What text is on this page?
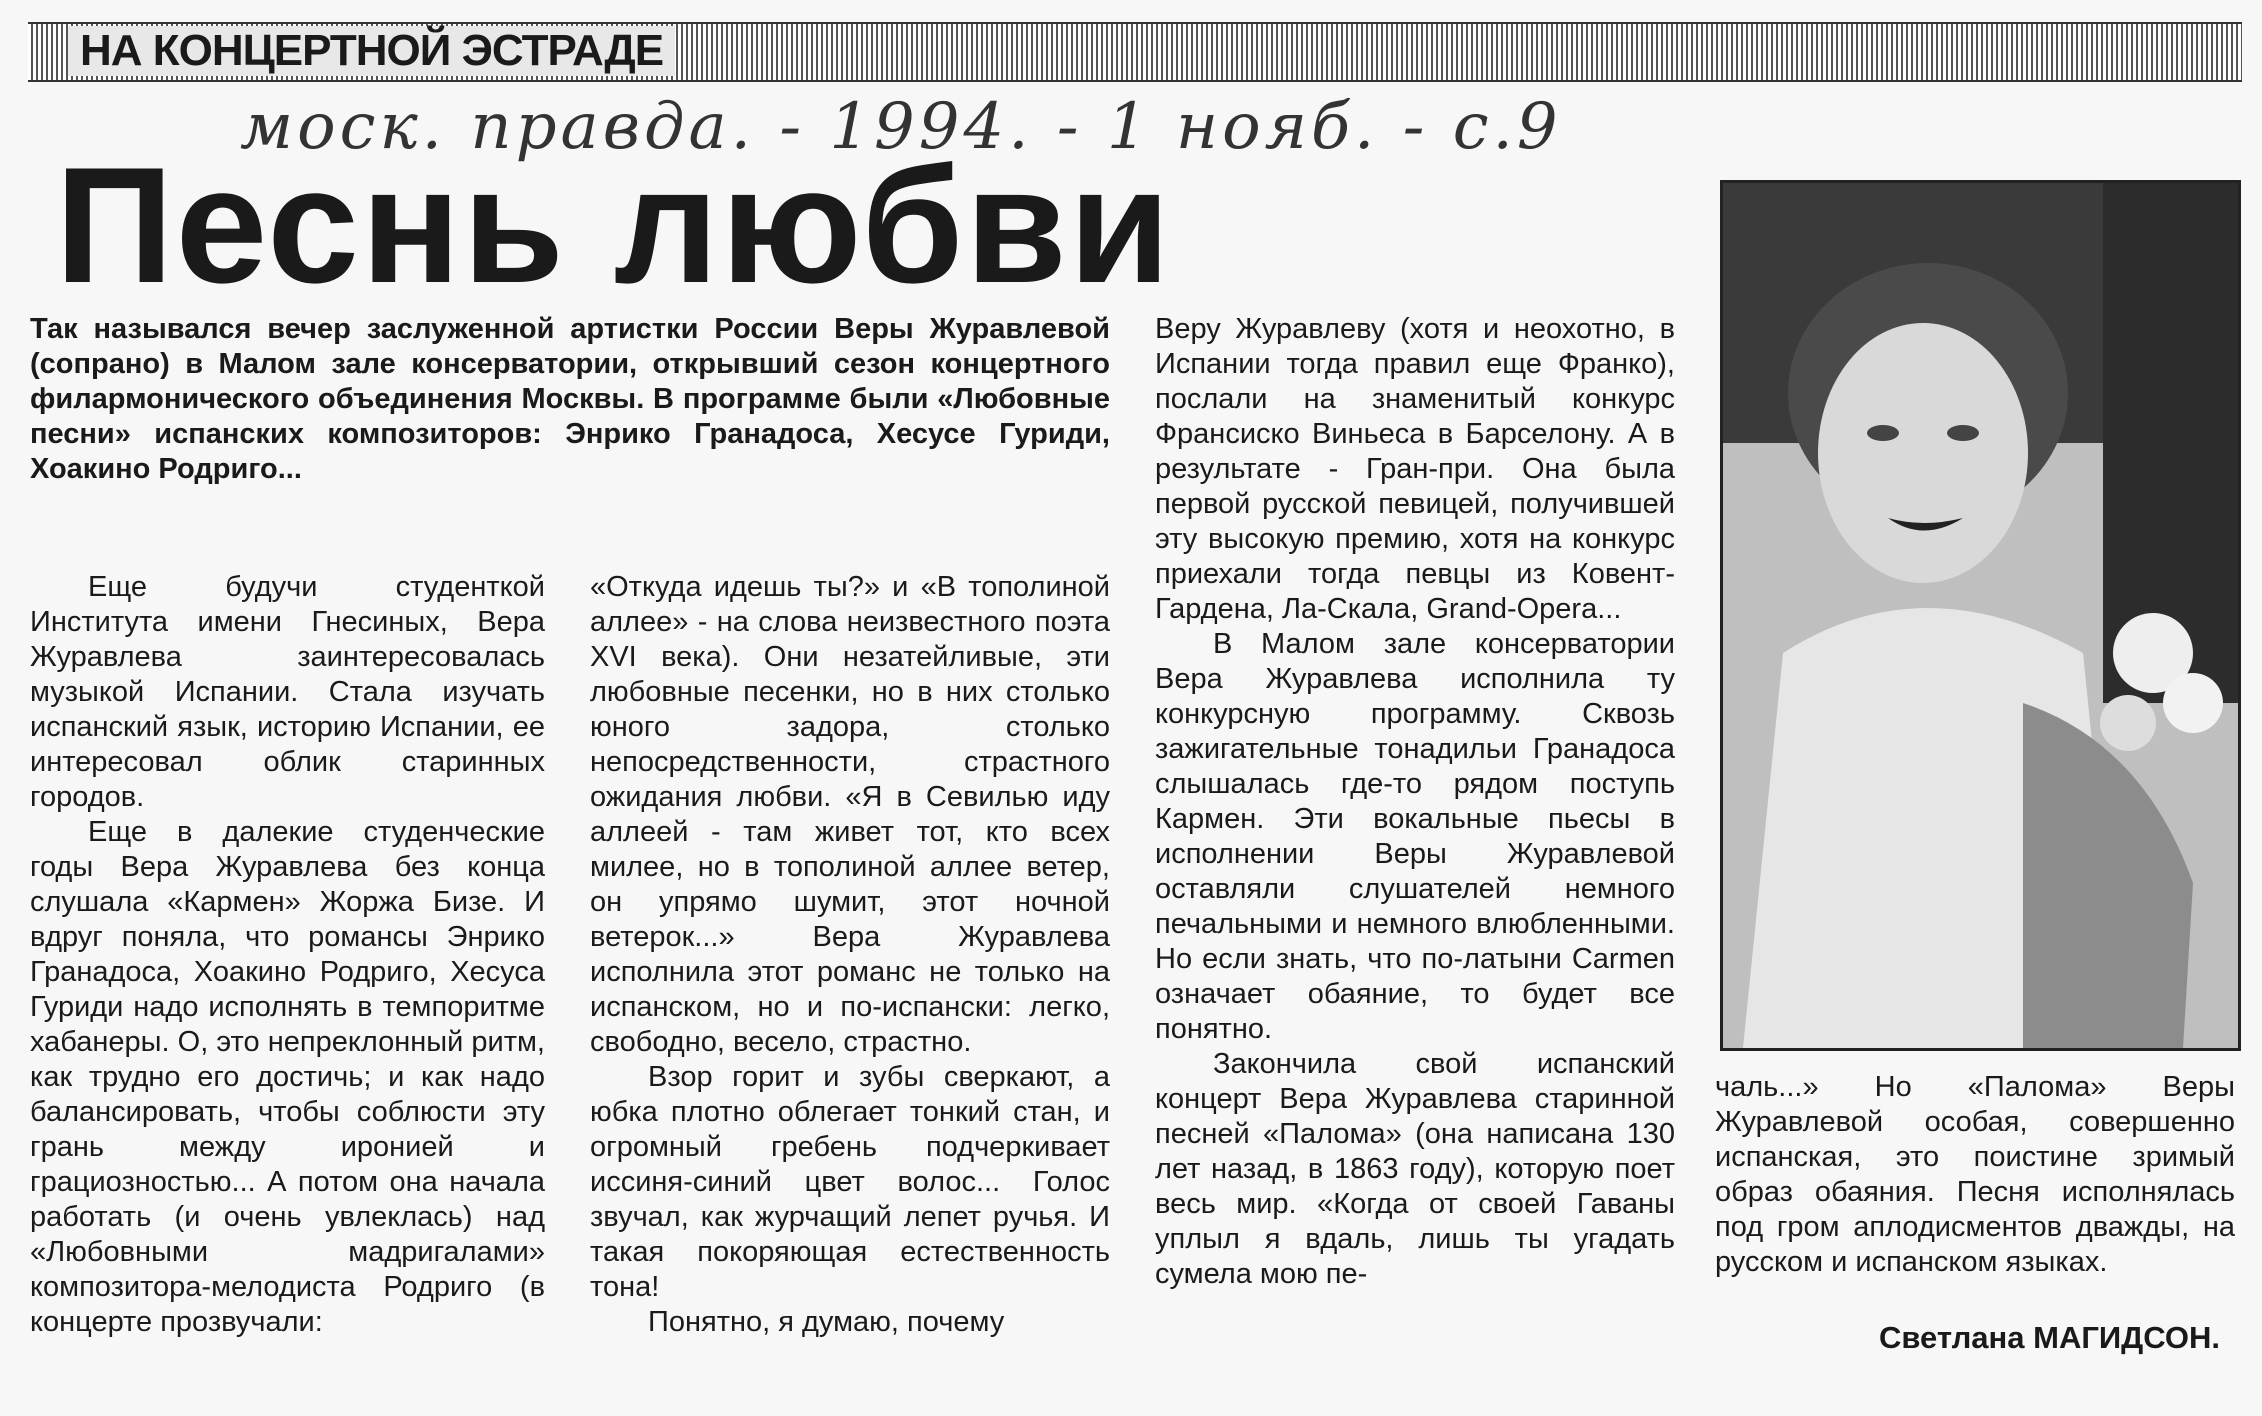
НА КОНЦЕРТНОЙ ЭСТРАДЕ
моск. правда. - 1994. - 1 нояб. - с.9
Песнь любви
Так назывался вечер заслуженной артистки России Веры Журавлевой (сопрано) в Малом зале консерватории, открывший сезон концертного филармонического объединения Москвы. В программе были «Любовные песни» испанских композиторов: Энрико Гранадоса, Хесусе Гуриди, Хоакино Родриго...

Еще будучи студенткой Института имени Гнесиных, Вера Журавлева заинтересовалась музыкой Испании. Стала изучать испанский язык, историю Испании, ее интересовал облик старинных городов.

Еще в далекие студенческие годы Вера Журавлева без конца слушала «Кармен» Жоржа Бизе. И вдруг поняла, что романсы Энрико Гранадоса, Хоакино Родриго, Хесуса Гуриди надо исполнять в темпоритме хабанеры. О, это непреклонный ритм, как трудно его достичь; и как надо балансировать, чтобы соблюсти эту грань между иронией и грациозностью... А потом она начала работать (и очень увлеклась) над «Любовными мадригалами» композитора-мелодиста Родриго (в концерте прозвучали:

«Откуда идешь ты?» и «В тополиной аллее» - на слова неизвестного поэта XVI века). Они незатейливые, эти любовные песенки, но в них столько юного задора, столько непосредственности, страстного ожидания любви. «Я в Севилью иду аллеей - там живет тот, кто всех милее, но в тополиной аллее ветер, он упрямо шумит, этот ночной ветерок...» Вера Журавлева исполнила этот романс не только на испанском, но и по-испански: легко, свободно, весело, страстно.

Взор горит и зубы сверкают, а юбка плотно облегает тонкий стан, и огромный гребень подчеркивает иссиня-синий цвет волос... Голос звучал, как журчащий лепет ручья. И такая покоряющая естественность тона!

Понятно, я думаю, почему

Веру Журавлеву (хотя и неохотно, в Испании тогда правил еще Франко), послали на знаменитый конкурс Франсиско Виньеса в Барселону. А в результате - Гран-при. Она была первой русской певицей, получившей эту высокую премию, хотя на конкурс приехали тогда певцы из Ковент-Гардена, Ла-Скала, Grand-Opera...

В Малом зале консерватории Вера Журавлева исполнила ту конкурсную программу. Сквозь зажигательные тонадильи Гранадоса слышалась где-то рядом поступь Кармен. Эти вокальные пьесы в исполнении Веры Журавлевой оставляли слушателей немного печальными и немного влюбленными. Но если знать, что по-латыни Carmen означает обаяние, то будет все понятно.

Закончила свой испанский концерт Вера Журавлева старинной песней «Палома» (она написана 130 лет назад, в 1863 году), которую поет весь мир. «Когда от своей Гаваны уплыл я вдаль, лишь ты угадать сумела мою пе-

чаль...» Но «Палома» Веры Журавлевой особая, совершенно испанская, это поистине зримый образ обаяния. Песня исполнялась под гром аплодисментов дважды, на русском и испанском языках.

Светлана МАГИДСОН.
